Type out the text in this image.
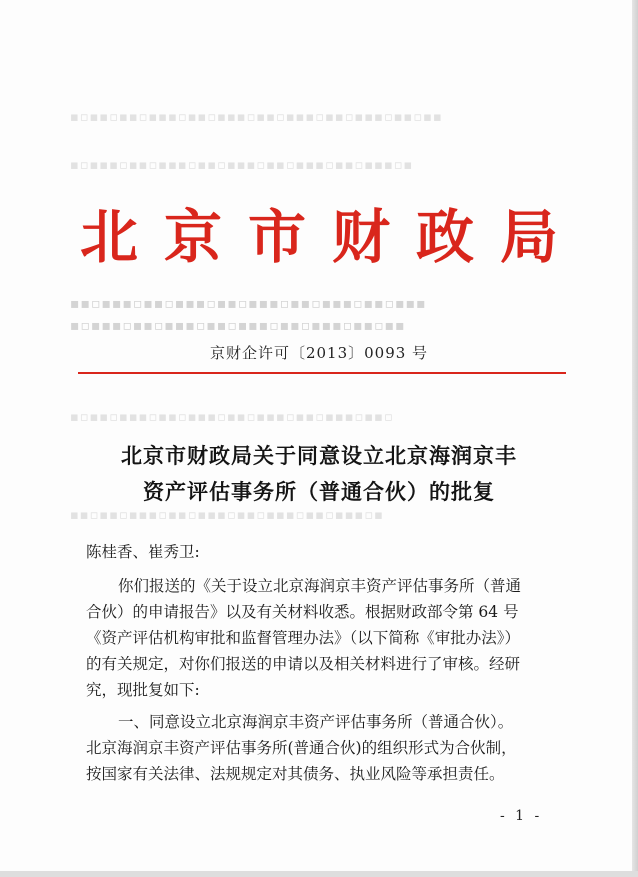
▪▫▪▪▫▪▪▫▪▪▪▫▪▪▫▪▪▪▫▪▪▫▪▪▪▫▪▪▫▪▪▪▫▪▪▫▪▪
▪▫▪▪▪▫▪▪▫▪▪▪▫▪▪▫▪▪▪▫▪▪▫▪▪▪▫▪▪▫▪▪▪▫▪
▪▪▫▪▪▪▫▪▪▫▪▪▪▫▪▪▫▪▪▪▫▪▪▫▪▪▪▫▪▪▫▪▪▪
▪▫▪▪▪▫▪▪▫▪▪▪▫▪▪▫▪▪▪▫▪▪▫▪▪▪▫▪▪▫▪▪
▪▫▪▪▫▪▪▪▫▪▪▫▪▪▪▫▪▪▫▪▪▪▫▪▪▫▪▪▪▫▪▪▫
▪▪▫▪▪▫▪▪▪▫▪▪▫▪▪▪▫▪▪▫▪▪▪▫▪▪▫▪▪▪▫▪
北京市财政局
京财企许可〔2013〕0093 号
北京市财政局关于同意设立北京海润京丰
资产评估事务所（普通合伙）的批复
陈桂香、崔秀卫:
你们报送的《关于设立北京海润京丰资产评估事务所（普通
合伙）的申请报告》以及有关材料收悉。根据财政部令第 64 号
《资产评估机构审批和监督管理办法》（以下简称《审批办法》）
的有关规定，对你们报送的申请以及相关材料进行了审核。经研
究，现批复如下:
一、同意设立北京海润京丰资产评估事务所（普通合伙）。
北京海润京丰资产评估事务所(普通合伙)的组织形式为合伙制，
按国家有关法律、法规规定对其债务、执业风险等承担责任。
- 1 -
